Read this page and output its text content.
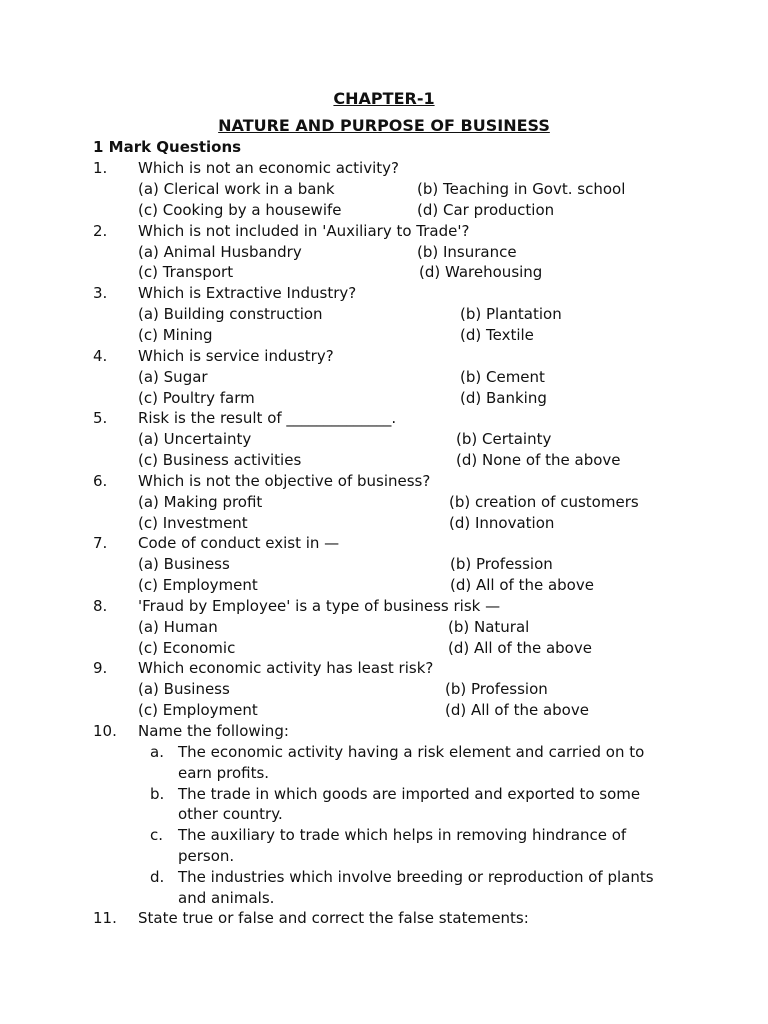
CHAPTER-1
NATURE AND PURPOSE OF BUSINESS
1 Mark Questions
1. Which is not an economic activity?
(a) Clerical work in a bank	(b) Teaching in Govt. school
(c) Cooking by a housewife	(d) Car production
2. Which is not included in 'Auxiliary to Trade'?
(a) Animal Husbandry	(b) Insurance
(c) Transport	(d) Warehousing
3. Which is Extractive Industry?
(a) Building construction	(b) Plantation
(c) Mining	(d) Textile
4. Which is service industry?
(a) Sugar	(b) Cement
(c) Poultry farm	(d) Banking
5. Risk is the result of ______________.
(a) Uncertainty	(b) Certainty
(c) Business activities	(d) None of the above
6. Which is not the objective of business?
(a) Making profit	(b) creation of customers
(c) Investment	(d) Innovation
7. Code of conduct exist in —
(a) Business	(b) Profession
(c) Employment	(d) All of the above
8. 'Fraud by Employee' is a type of business risk —
(a) Human	(b) Natural
(c) Economic	(d) All of the above
9. Which economic activity has least risk?
(a) Business	(b) Profession
(c) Employment	(d) All of the above
10. Name the following:
a. The economic activity having a risk element and carried on to
earn profits.
b. The trade in which goods are imported and exported to some
other country.
c. The auxiliary to trade which helps in removing hindrance of
person.
d. The industries which involve breeding or reproduction of plants
and animals.
11. State true or false and correct the false statements:
